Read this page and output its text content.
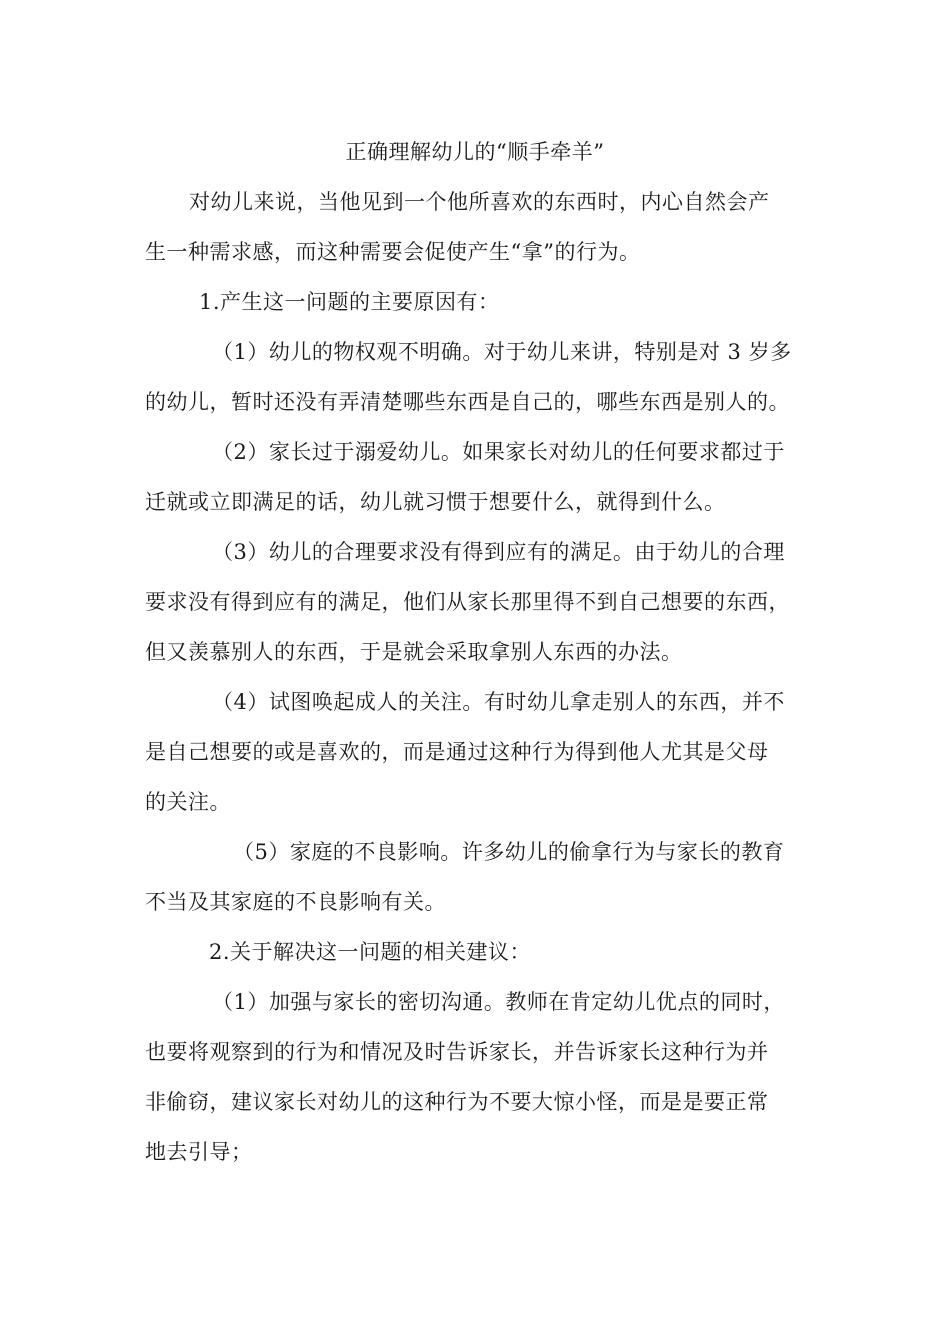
正确理解幼儿的“顺手牵羊”
对幼儿来说，当他见到一个他所喜欢的东西时，内心自然会产
生一种需求感，而这种需要会促使产生“拿”的行为。
1.产生这一问题的主要原因有：
（1）幼儿的物权观不明确。对于幼儿来讲，特别是对 3 岁多
的幼儿，暂时还没有弄清楚哪些东西是自己的，哪些东西是别人的。
（2）家长过于溺爱幼儿。如果家长对幼儿的任何要求都过于
迁就或立即满足的话，幼儿就习惯于想要什么，就得到什么。
（3）幼儿的合理要求没有得到应有的满足。由于幼儿的合理
要求没有得到应有的满足，他们从家长那里得不到自己想要的东西，
但又羡慕别人的东西，于是就会采取拿别人东西的办法。
（4）试图唤起成人的关注。有时幼儿拿走别人的东西，并不
是自己想要的或是喜欢的，而是通过这种行为得到他人尤其是父母
的关注。
（5）家庭的不良影响。许多幼儿的偷拿行为与家长的教育
不当及其家庭的不良影响有关。
2.关于解决这一问题的相关建议：
（1）加强与家长的密切沟通。教师在肯定幼儿优点的同时，
也要将观察到的行为和情况及时告诉家长，并告诉家长这种行为并
非偷窃，建议家长对幼儿的这种行为不要大惊小怪，而是是要正常
地去引导；
